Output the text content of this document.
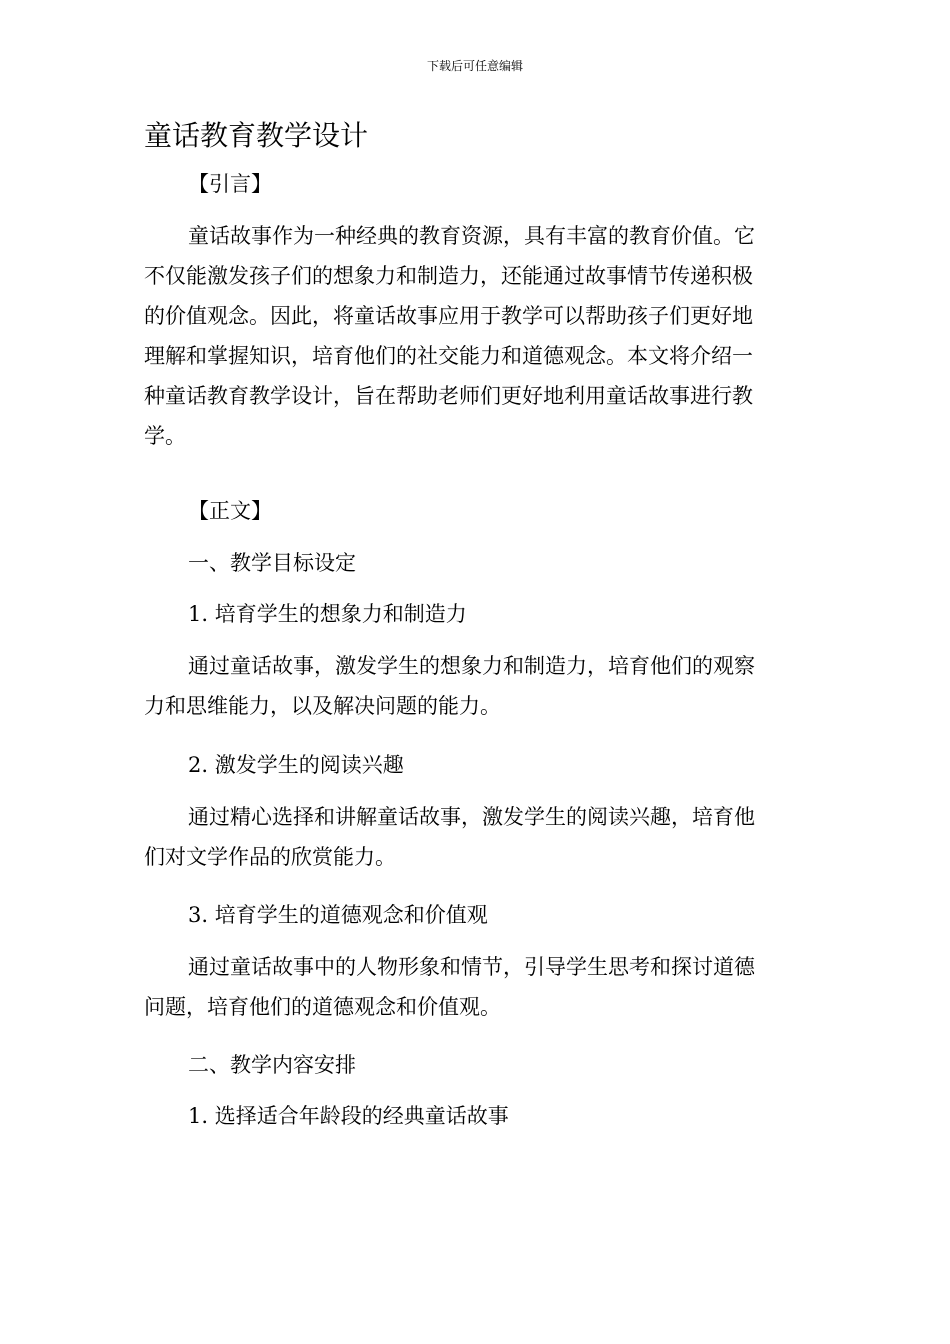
下载后可任意编辑
童话教育教学设计

【引言】

童话故事作为一种经典的教育资源，具有丰富的教育价值。它
不仅能激发孩子们的想象力和制造力，还能通过故事情节传递积极
的价值观念。因此，将童话故事应用于教学可以帮助孩子们更好地
理解和掌握知识，培育他们的社交能力和道德观念。本文将介绍一
种童话教育教学设计，旨在帮助老师们更好地利用童话故事进行教
学。

【正文】

一、教学目标设定

1. 培育学生的想象力和制造力

通过童话故事，激发学生的想象力和制造力，培育他们的观察
力和思维能力，以及解决问题的能力。

2. 激发学生的阅读兴趣

通过精心选择和讲解童话故事，激发学生的阅读兴趣，培育他
们对文学作品的欣赏能力。

3. 培育学生的道德观念和价值观

通过童话故事中的人物形象和情节，引导学生思考和探讨道德
问题，培育他们的道德观念和价值观。

二、教学内容安排

1. 选择适合年龄段的经典童话故事
